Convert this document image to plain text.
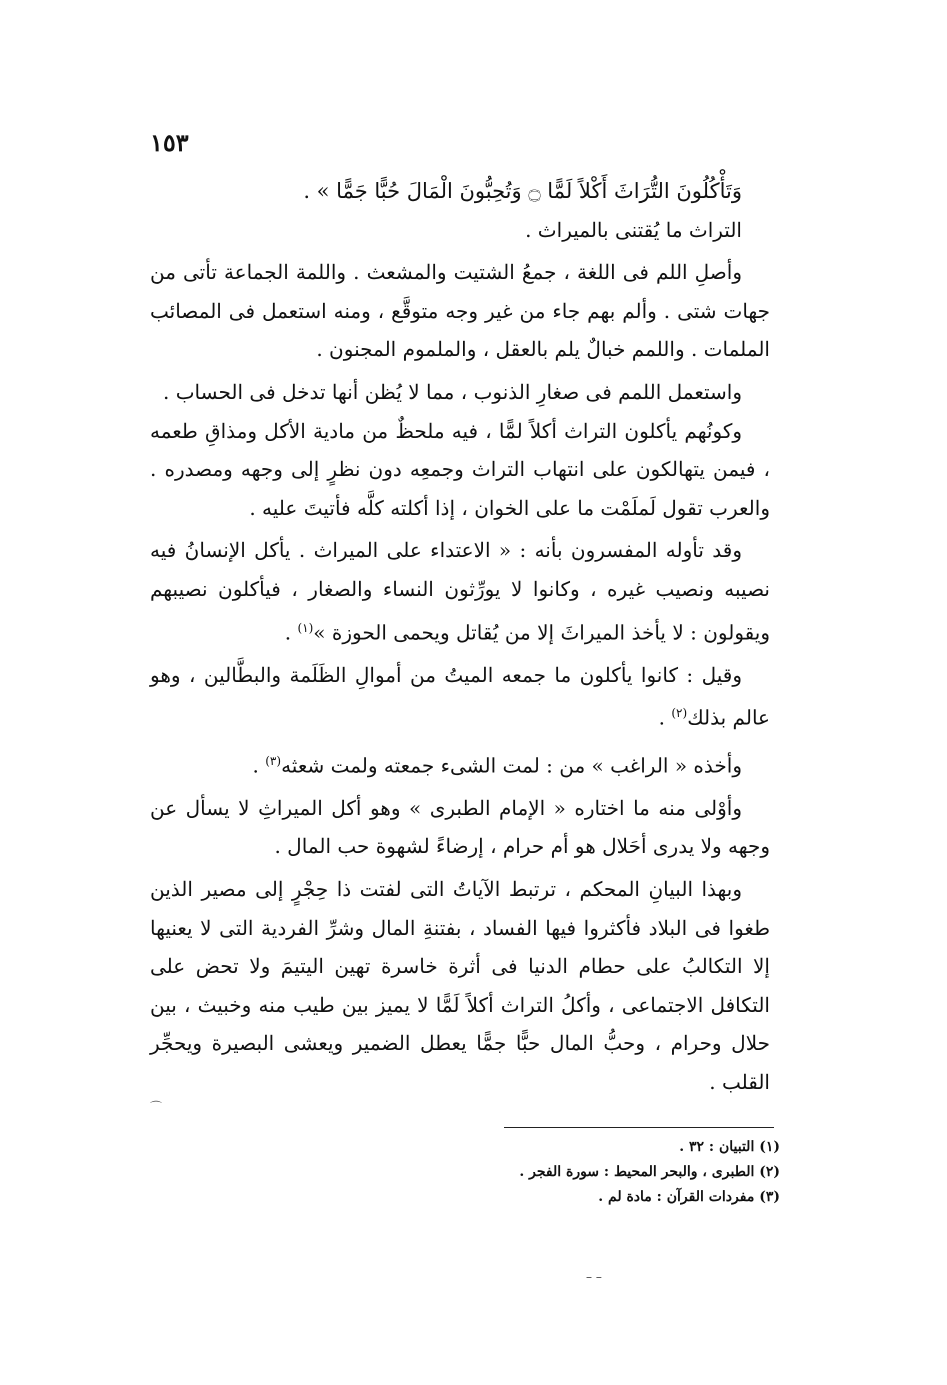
١٥٣

وَتَأْكُلُونَ التُّرَاثَ أَكْلاً لَمًّا ۝ وَتُحِبُّونَ الْمَالَ حُبًّا جَمًّا » .

التراث ما يُقتنى بالميراث .

وأصلِ اللم فى اللغة ، جمعُ الشتيت والمشعث . واللمة الجماعة تأتى من جهات شتى . وألم بهم جاء من غير وجه متوقَّع ، ومنه استعمل فى المصائب الملمات . واللمم خبالٌ يلم بالعقل ، والملموم المجنون .

واستعمل اللمم فى صغارِ الذنوب ، مما لا يُظن أنها تدخل فى الحساب .

وكونُهم يأكلون التراث أكلاً لمًّا ، فيه ملحظٌ من مادية الأكل ومذاقِ طعمه ، فيمن يتهالكون على انتهاب التراث وجمعِه دون نظرٍ إلى وجهه ومصدره . والعرب تقول لَملَمْت ما على الخوان ، إذا أكلته كلَّه فأتيتَ عليه .

وقد تأوله المفسرون بأنه : « الاعتداء على الميراث . يأكل الإنسانُ فيه نصيبه ونصيب غيره ، وكانوا لا يورِّثون النساء والصغار ، فيأكلون نصيبهم ويقولون : لا يأخذ الميراثَ إلا من يُقاتل ويحمى الحوزة »$^{(١)}$ .

وقيل : كانوا يأكلون ما جمعه الميتُ من أموالِ الظَلَمة والبطَّالين ، وهو عالم بذلك$^{(٢)}$ .

وأخذه « الراغب » من : لمت الشىء جمعته ولمت شعثه$^{(٣)}$ .

وأوْلى منه ما اختاره « الإمام الطبرى » وهو أكل الميراثِ لا يسأل عن وجهه ولا يدرى أحَلال هو أم حرام ، إرضاءً لشهوة حب المال .

وبهذا البيانِ المحكم ، ترتبط الآياتُ التى لفتت ذا حِجْرٍ إلى مصير الذين طغوا فى البلاد فأكثروا فيها الفساد ، بفتنةِ المال وشرِّ الفردية التى لا يعنيها إلا التكالبُ على حطام الدنيا فى أثرة خاسرة تهين اليتيمَ ولا تحض على التكافل الاجتماعى ، وأكلُ التراث أكلاً لَمًّا لا يميز بين طيب منه وخبيث ، بين حلال وحرام ، وحبُّ المال حبًّا جمًّا يعطل الضمير ويعشى البصيرة ويحجِّر القلب .

⌒
(١) التبيان : ٣٢ .
(٢) الطبرى ، والبحر المحيط : سورة الفجر .
(٣) مفردات القرآن : مادة لم .
– –
